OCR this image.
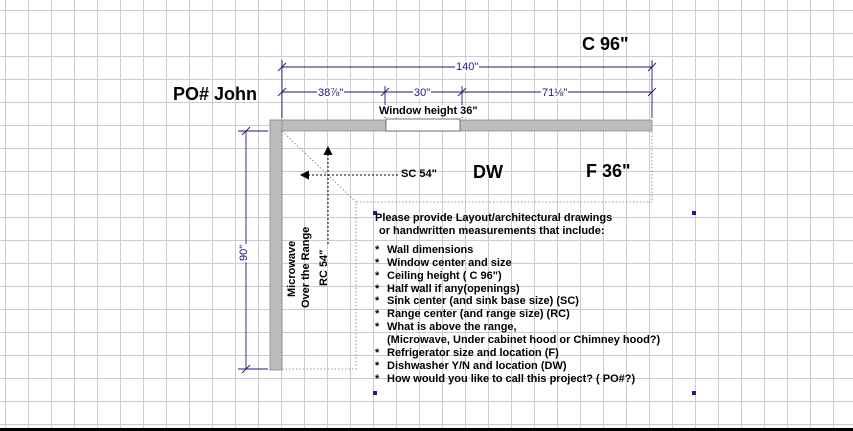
PO# John
C 96"
DW	F 36"
140"
38⅞"	30"	71⅛"
90"
Window height 36"
SC 54"
RC 54"
Microwave Over the Range

Please provide Layout/architectural drawings

or handwritten measurements that include:

* Wall dimensions
* Window center and size
* Ceiling height ( C 96")
* Half wall if any(openings)
* Sink center (and sink base size) (SC)
* Range center (and range size) (RC)
* What is above the range,
(Microwave, Under cabinet hood or Chimney hood?)
* Refrigerator size and location (F)
* Dishwasher Y/N and location (DW)
* How would you like to call this project? ( PO#?)
